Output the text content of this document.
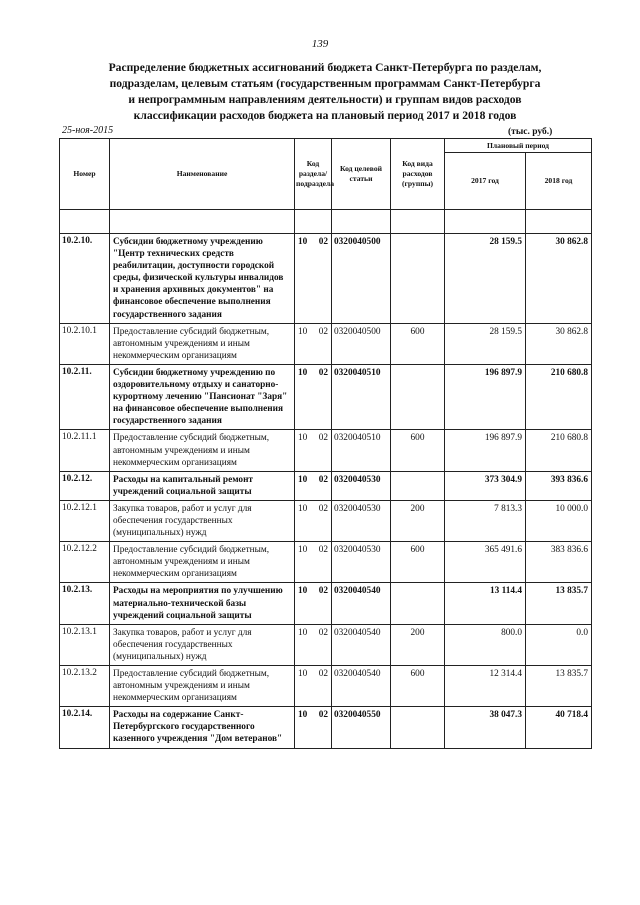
139
Распределение бюджетных ассигнований бюджета Санкт-Петербурга по разделам,
подразделам, целевым статьям (государственным программам Санкт-Петербурга
и непрограммным направлениям деятельности) и группам видов расходов
классификации расходов бюджета на плановый период 2017 и 2018 годов
25-ноя-2015	(тыс. руб.)
Номер	Наименование	Код раздела/ подраздела	Код целевой статьи	Код вида расходов (группы)	Плановый период	
					2017 год	2018 год

10.2.10.	Субсидии бюджетному учреждению "Центр технических средств реабилитации, доступности городской среды, физической культуры инвалидов и хранения архивных документов" на финансовое обеспечение выполнения государственного задания	10 02	0320040500		28 159.5	30 862.8
10.2.10.1	Предоставление субсидий бюджетным, автономным учреждениям и иным некоммерческим организациям	10 02	0320040500	600	28 159.5	30 862.8
10.2.11.	Субсидии бюджетному учреждению по оздоровительному отдыху и санаторно-курортному лечению "Пансионат "Заря" на финансовое обеспечение выполнения государственного задания	10 02	0320040510		196 897.9	210 680.8
10.2.11.1	Предоставление субсидий бюджетным, автономным учреждениям и иным некоммерческим организациям	10 02	0320040510	600	196 897.9	210 680.8
10.2.12.	Расходы на капитальный ремонт учреждений социальной защиты	10 02	0320040530		373 304.9	393 836.6
10.2.12.1	Закупка товаров, работ и услуг для обеспечения государственных (муниципальных) нужд	10 02	0320040530	200	7 813.3	10 000.0
10.2.12.2	Предоставление субсидий бюджетным, автономным учреждениям и иным некоммерческим организациям	10 02	0320040530	600	365 491.6	383 836.6
10.2.13.	Расходы на мероприятия по улучшению материально-технической базы учреждений социальной защиты	10 02	0320040540		13 114.4	13 835.7
10.2.13.1	Закупка товаров, работ и услуг для обеспечения государственных (муниципальных) нужд	10 02	0320040540	200	800.0	0.0
10.2.13.2	Предоставление субсидий бюджетным, автономным учреждениям и иным некоммерческим организациям	10 02	0320040540	600	12 314.4	13 835.7
10.2.14.	Расходы на содержание Санкт-Петербургского государственного казенного учреждения "Дом ветеранов"	10 02	0320040550		38 047.3	40 718.4
